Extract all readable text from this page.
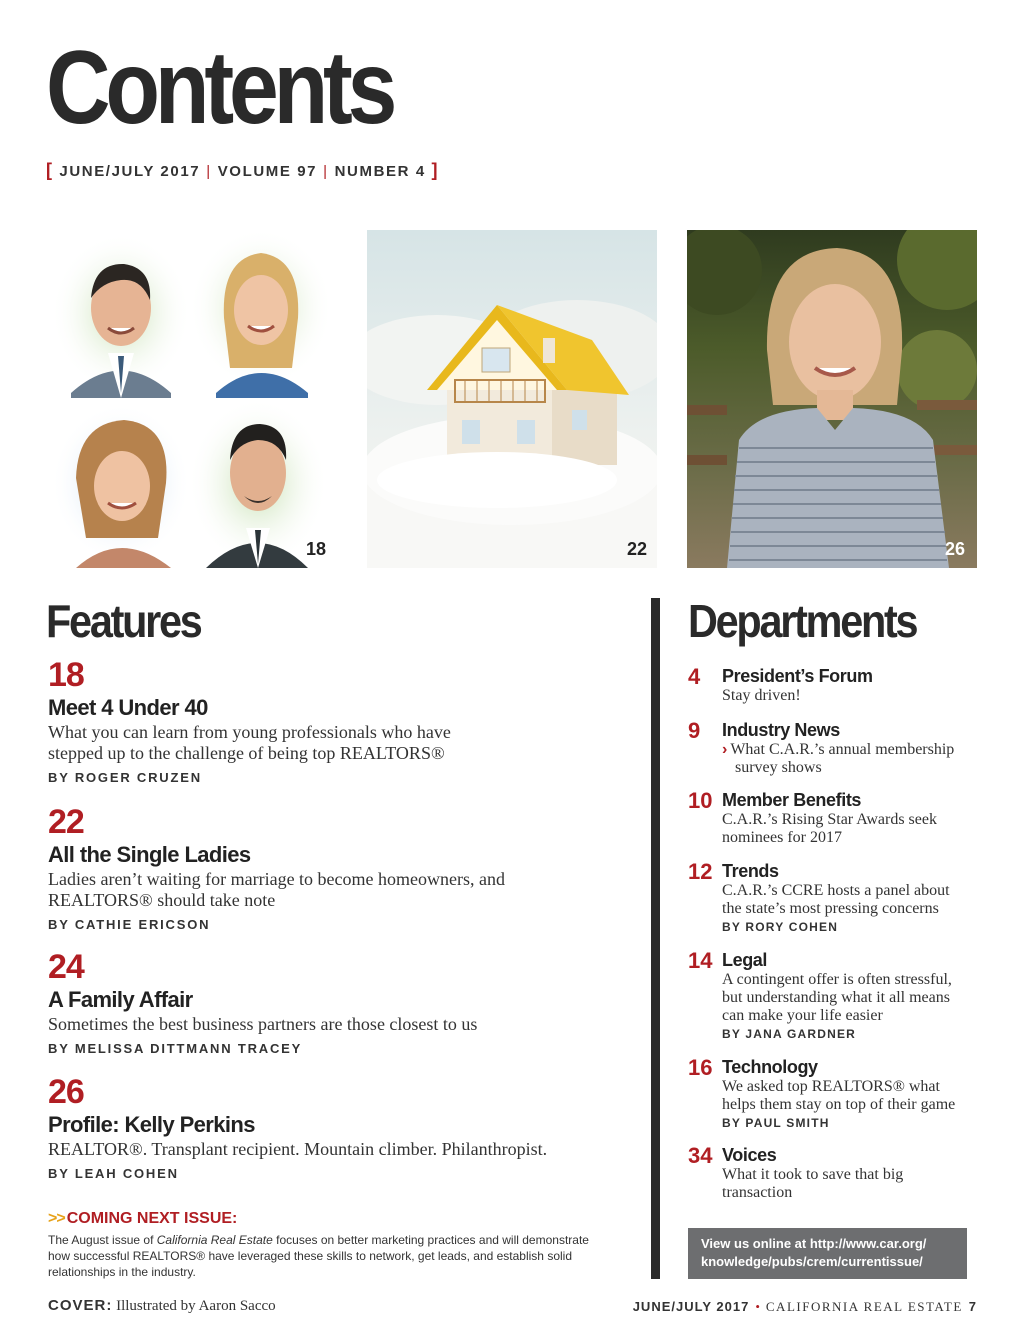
Contents
[ JUNE/JULY 2017 | VOLUME 97 | NUMBER 4 ]
18	22	26
Features
18
Meet 4 Under 40
What you can learn from young professionals who have stepped up to the challenge of being top REALTORS®
BY ROGER CRUZEN
22
All the Single Ladies
Ladies aren’t waiting for marriage to become homeowners, and REALTORS® should take note
BY CATHIE ERICSON
24
A Family Affair
Sometimes the best business partners are those closest to us
BY MELISSA DITTMANN TRACEY
26
Profile: Kelly Perkins
REALTOR®. Transplant recipient. Mountain climber. Philanthropist.
BY LEAH COHEN
>> COMING NEXT ISSUE:
The August issue of California Real Estate focuses on better marketing practices and will demonstrate how successful REALTORS® have leveraged these skills to network, get leads, and establish solid relationships in the industry.
COVER: Illustrated by Aaron Sacco
Departments
4 President’s Forum
Stay driven!
9 Industry News
› What C.A.R.’s annual membership survey shows
10 Member Benefits
C.A.R.’s Rising Star Awards seek nominees for 2017
12 Trends
C.A.R.’s CCRE hosts a panel about the state’s most pressing concerns
BY RORY COHEN
14 Legal
A contingent offer is often stressful, but understanding what it all means can make your life easier
BY JANA GARDNER
16 Technology
We asked top REALTORS® what helps them stay on top of their game
BY PAUL SMITH
34 Voices
What it took to save that big transaction
View us online at http://www.car.org/
knowledge/pubs/crem/currentissue/
JUNE/JULY 2017 • CALIFORNIA REAL ESTATE 7
